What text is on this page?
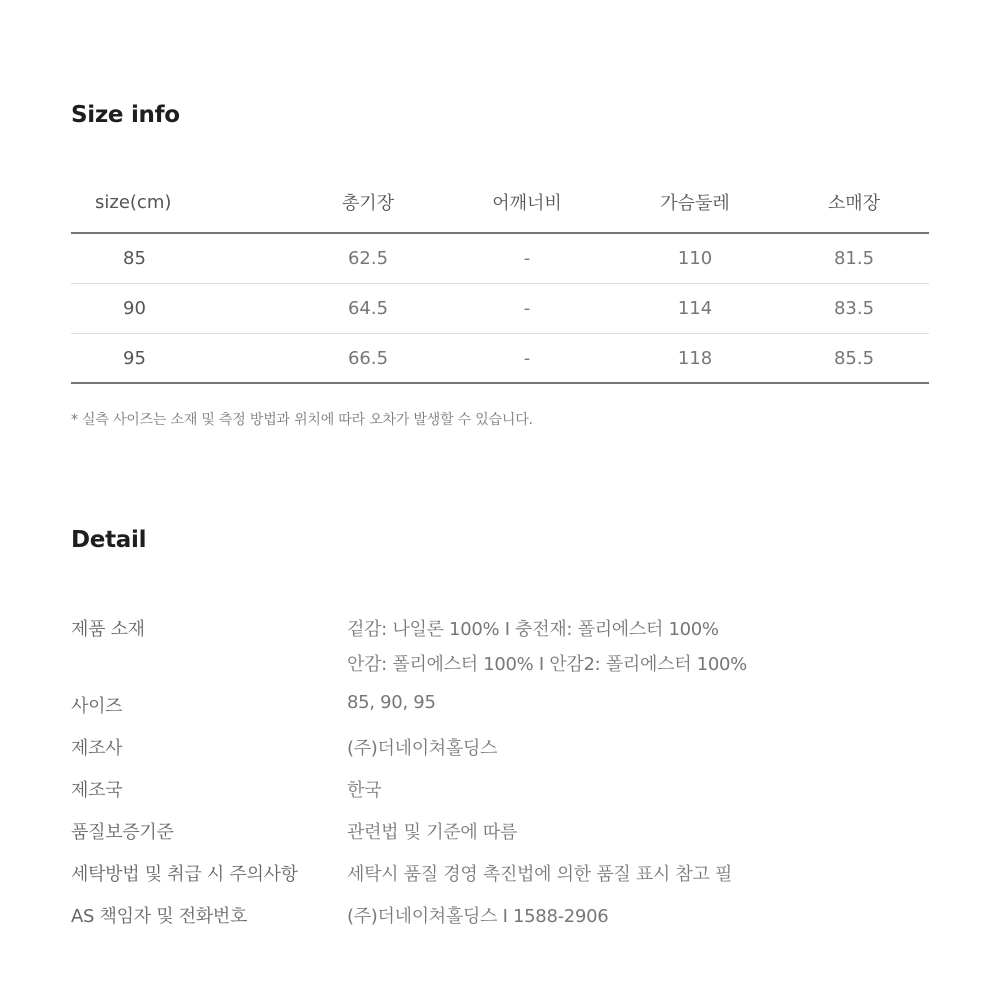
Size info
size(cm)	총기장	어깨너비	가슴둘레	소매장
85	62.5	-	110	81.5
90	64.5	-	114	83.5
95	66.5	-	118	85.5
* 실측 사이즈는 소재 및 측정 방법과 위치에 따라 오차가 발생할 수 있습니다.
Detail
제품 소재	겉감: 나일론 100% I 충전재: 폴리에스터 100%
안감: 폴리에스터 100% I 안감2: 폴리에스터 100%
사이즈	85, 90, 95
제조사	(주)더네이쳐홀딩스
제조국	한국
품질보증기준	관련법 및 기준에 따름
세탁방법 및 취급 시 주의사항	세탁시 품질 경영 촉진법에 의한 품질 표시 참고 필
AS 책임자 및 전화번호	(주)더네이쳐홀딩스 I 1588-2906
